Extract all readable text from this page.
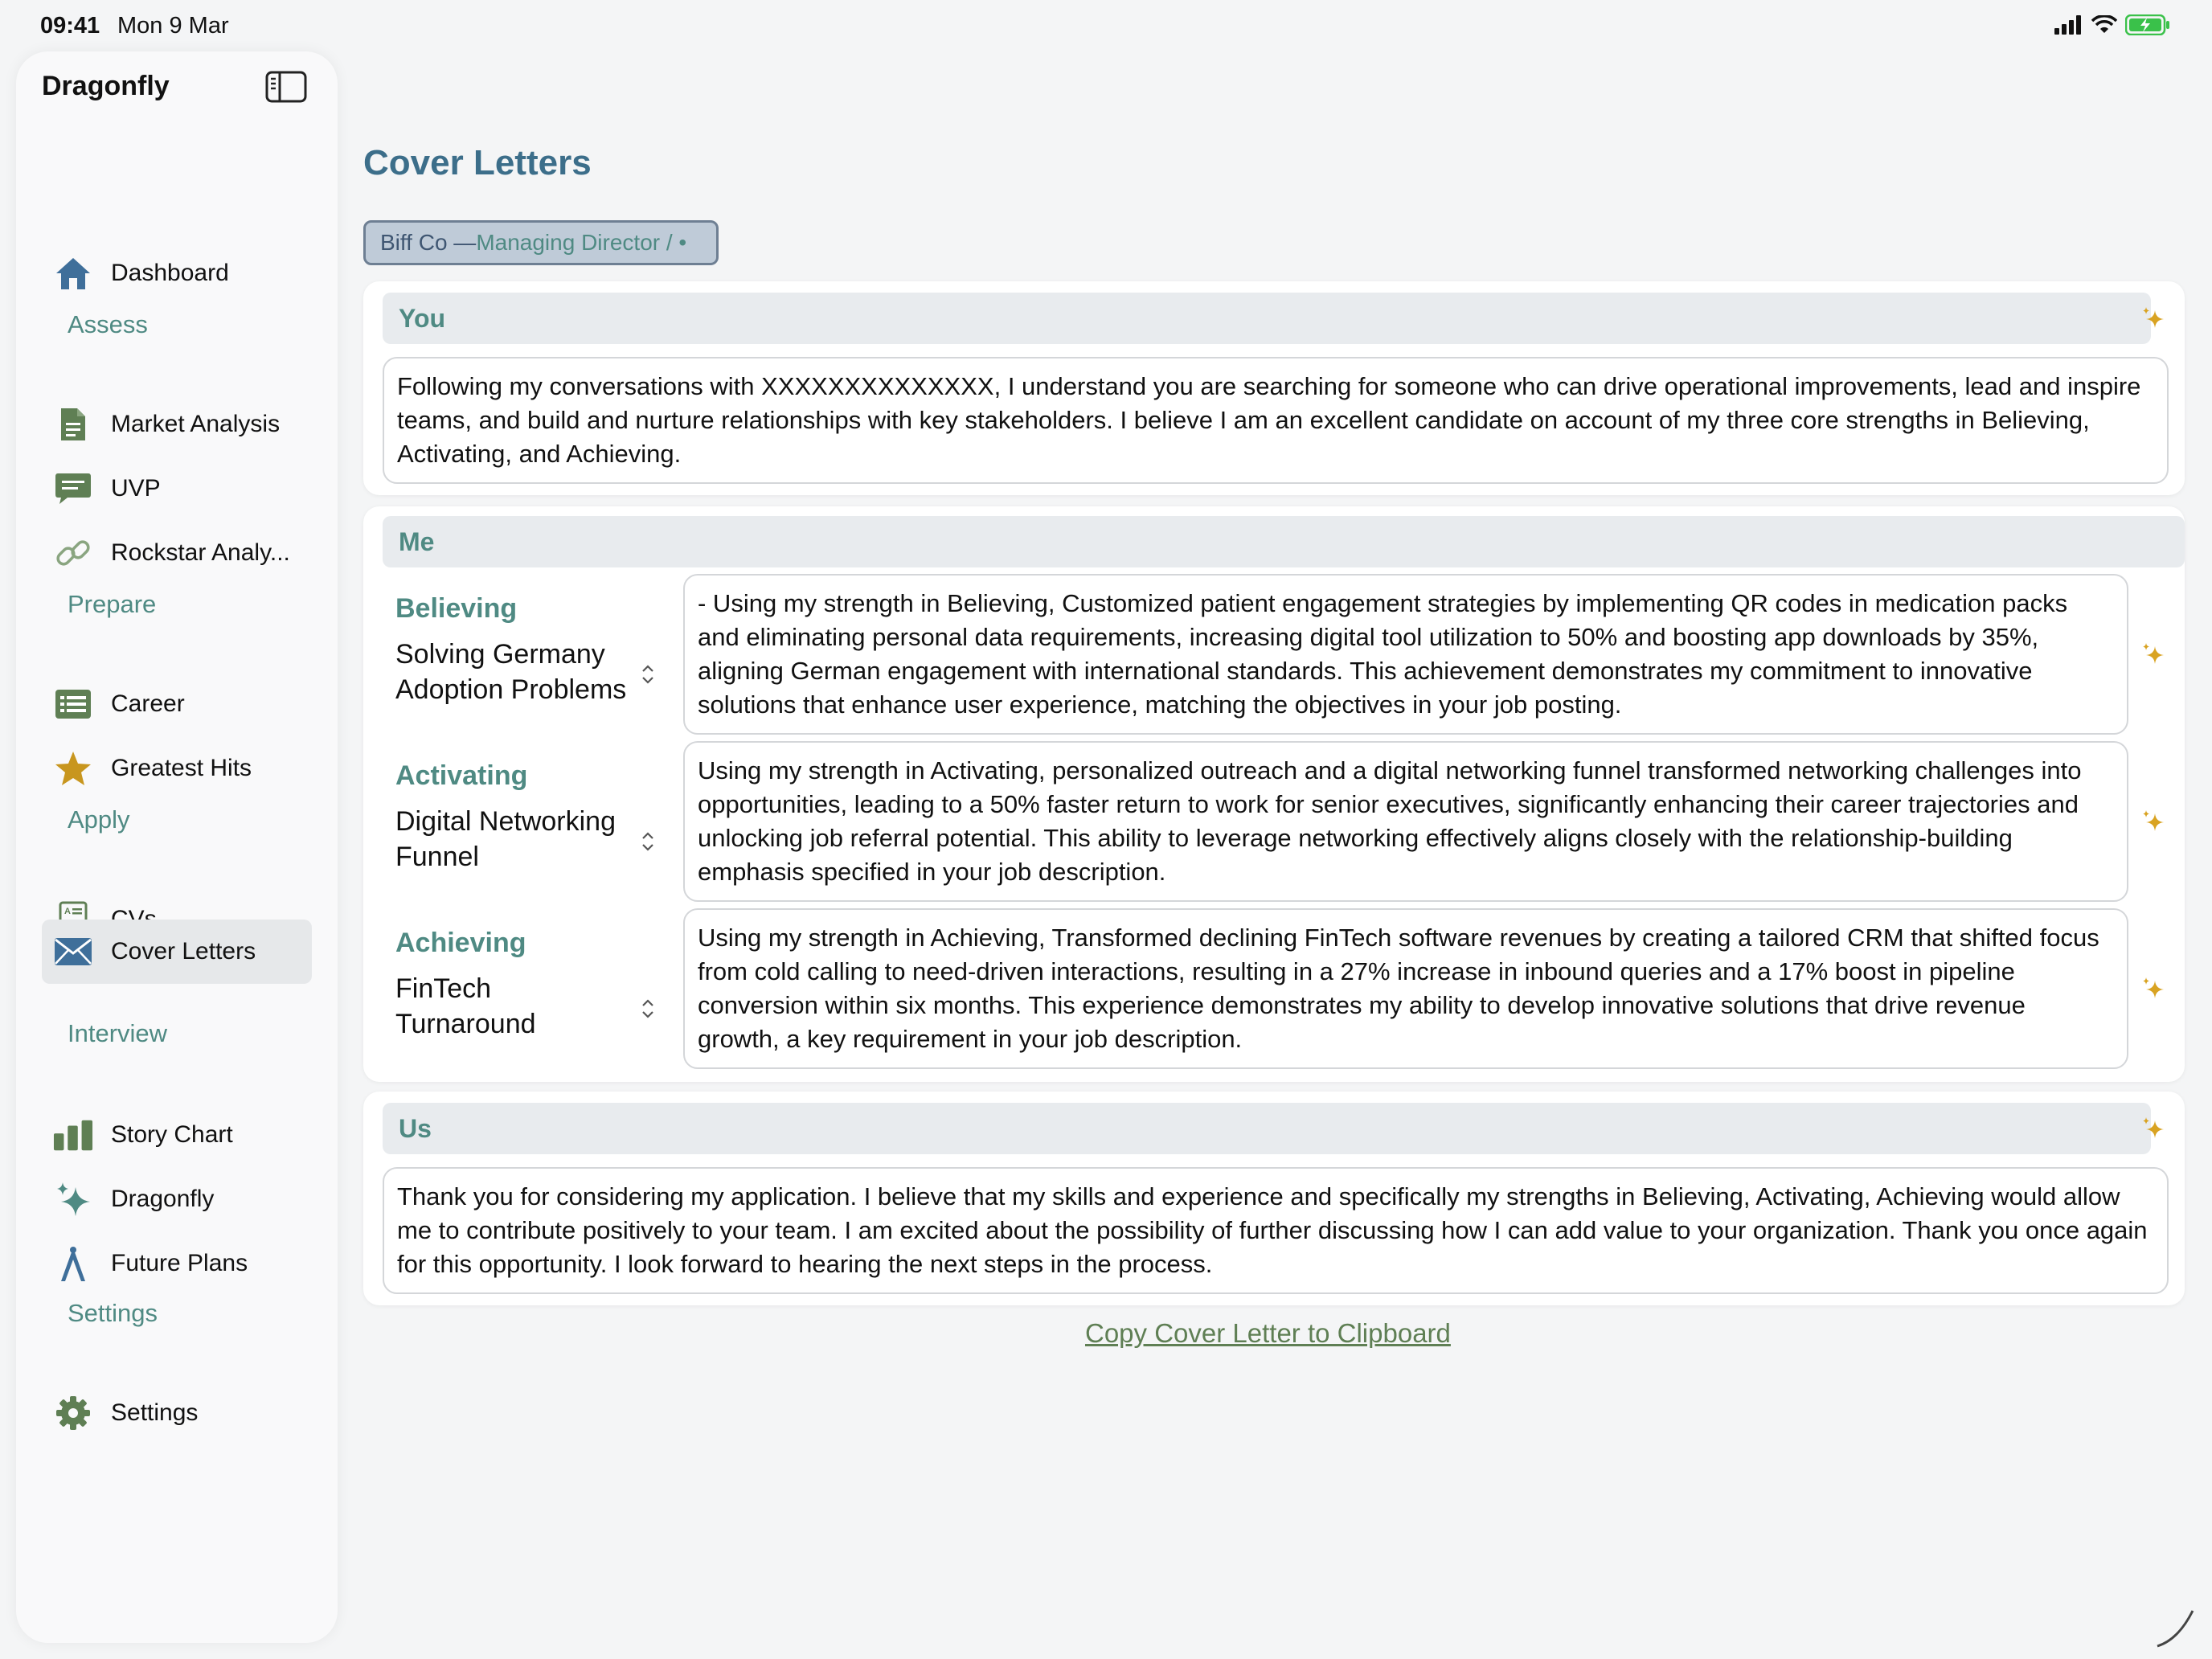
09:41 Mon 9 Mar
Dragonfly
Dashboard
Assess
Market Analysis
UVP
Rockstar Analy...
Prepare
Career
Greatest Hits
Apply
A
Cover Letters
Interview
Story Chart
Dragonfly
Future Plans
Settings
Settings
Cover Letters
Biff Co — Managing Director / •
You
Following my conversations with XXXXXXXXXXXXXX, I understand you are searching for someone who can drive operational improvements, lead and inspire teams, and build and nurture relationships with key stakeholders. I believe I am an excellent candidate on account of my three core strengths in Believing, Activating, and Achieving.
Me
Believing
Solving Germany Adoption Problems
- Using my strength in Believing, Customized patient engagement strategies by implementing QR codes in medication packs and eliminating personal data requirements, increasing digital tool utilization to 50% and boosting app downloads by 35%, aligning German engagement with international standards. This achievement demonstrates my commitment to innovative solutions that enhance user experience, matching the objectives in your job posting.
Activating
Digital Networking Funnel
Using my strength in Activating, personalized outreach and a digital networking funnel transformed networking challenges into opportunities, leading to a 50% faster return to work for senior executives, significantly enhancing their career trajectories and unlocking job referral potential. This ability to leverage networking effectively aligns closely with the relationship-building emphasis specified in your job description.
Achieving
FinTech Turnaround
Using my strength in Achieving, Transformed declining FinTech software revenues by creating a tailored CRM that shifted focus from cold calling to need-driven interactions, resulting in a 27% increase in inbound queries and a 17% boost in pipeline conversion within six months. This experience demonstrates my ability to develop innovative solutions that drive revenue growth, a key requirement in your job description.
Us
Thank you for considering my application. I believe that my skills and experience and specifically my strengths in Believing, Activating, Achieving would allow me to contribute positively to your team. I am excited about the possibility of further discussing how I can add value to your organization. Thank you once again for this opportunity. I look forward to hearing the next steps in the process.
Copy Cover Letter to Clipboard
